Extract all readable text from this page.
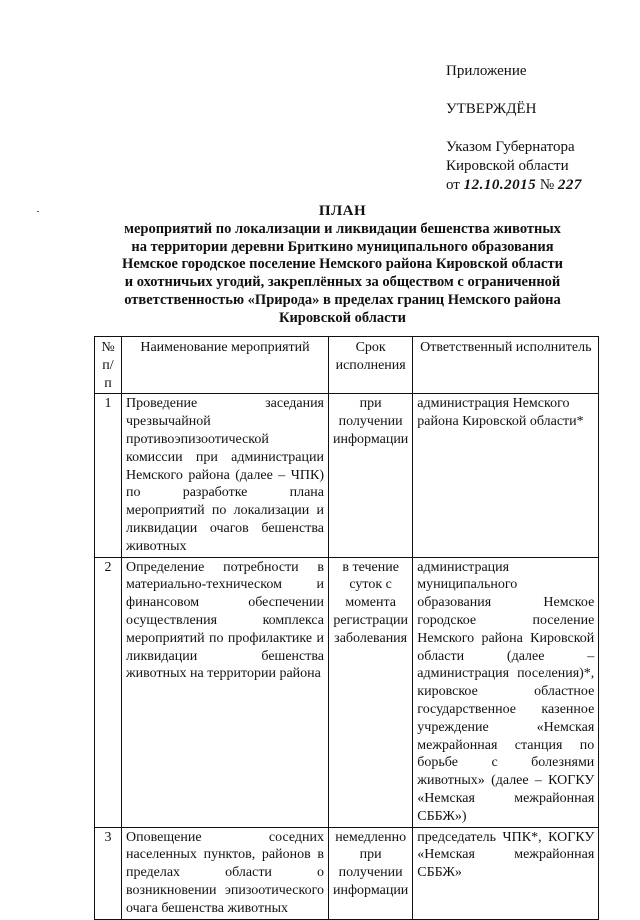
Приложение
УТВЕРЖДЁН
Указом Губернатора
Кировской области
от 12.10.2015 № 227
ПЛАН
мероприятий по локализации и ликвидации бешенства животных
на территории деревни Бриткино муниципального образования
Немское городское поселение Немского района Кировской области
и охотничьих угодий, закреплённых за обществом с ограниченной
ответственностью «Природа» в пределах границ Немского района
Кировской области
№ п/п	Наименование мероприятий	Срок исполнения	Ответственный исполнитель
1	Проведение заседания чрезвычайной противоэпизоотической комиссии при администрации Немского района (далее – ЧПК) по разработке плана мероприятий по локализации и ликвидации очагов бешенства животных	при получении информации	администрация Немского района Кировской области*
2	Определение потребности в материально-техническом и финансовом обеспечении осуществления комплекса мероприятий по профилактике и ликвидации бешенства животных на территории района	в течение суток с момента регистрации заболевания	администрация муниципального образования Немское городское поселение Немского района Кировской области (далее – администрация поселения)*, кировское областное государственное казенное учреждение «Немская межрайонная станция по борьбе с болезнями животных» (далее – КОГКУ «Немская межрайонная СББЖ»)
3	Оповещение соседних населенных пунктов, районов в пределах области о возникновении эпизоотического очага бешенства животных	немедленно при получении информации	председатель ЧПК*, КОГКУ «Немская межрайонная СББЖ»
